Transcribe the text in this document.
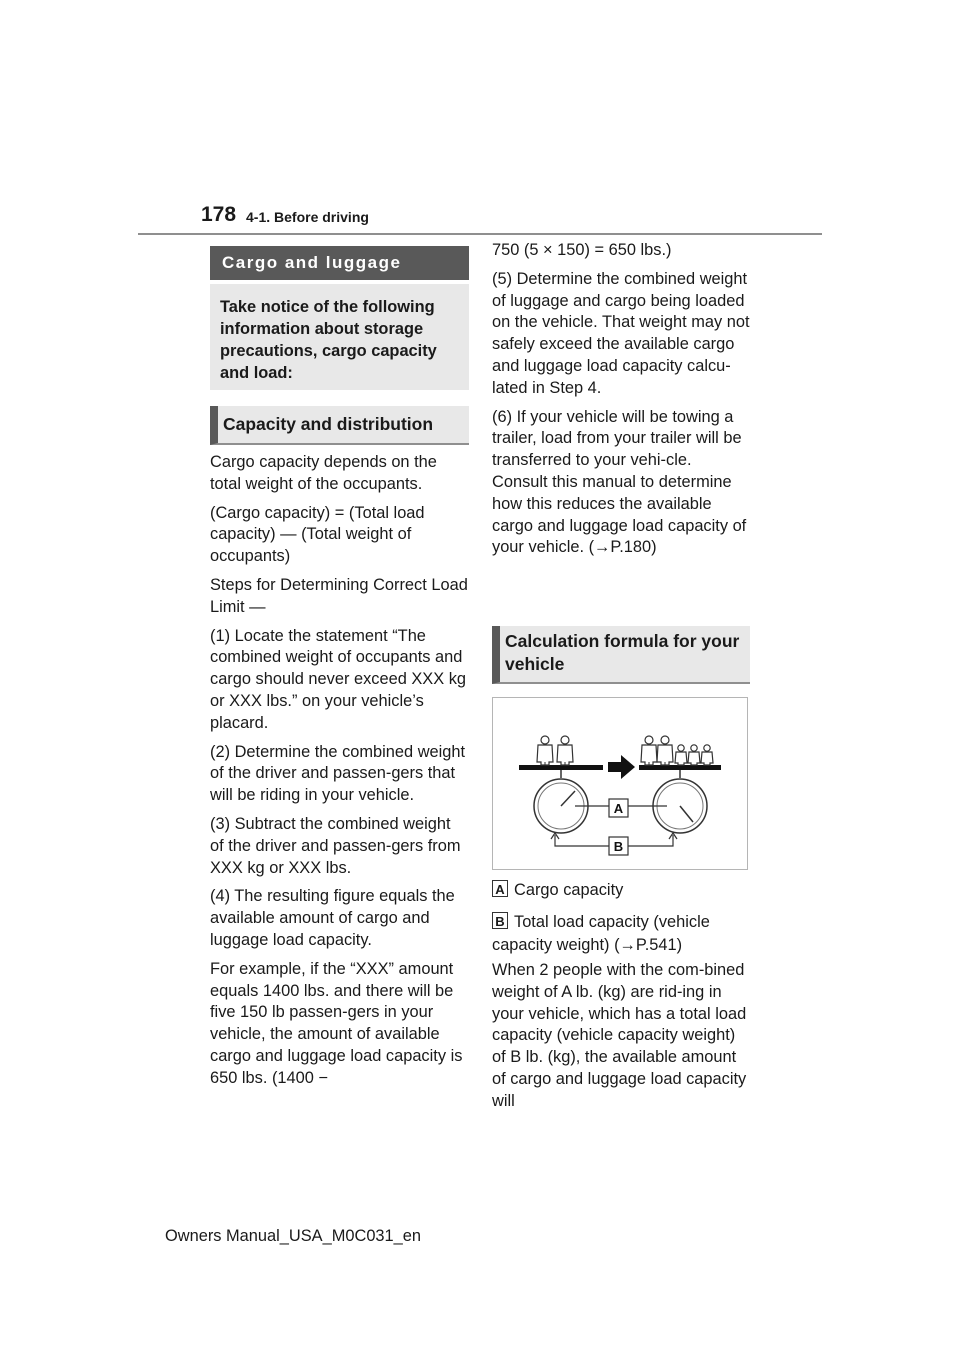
178 4-1. Before driving
Cargo and luggage
Take notice of the following information about storage precautions, cargo capacity and load:
Capacity and distribution

Cargo capacity depends on the total weight of the occupants.

(Cargo capacity) = (Total load capacity) — (Total weight of occupants)

Steps for Determining Correct Load Limit —

(1) Locate the statement “The combined weight of occupants and cargo should never exceed XXX kg or XXX lbs.” on your vehicle’s placard.

(2) Determine the combined weight of the driver and passen-gers that will be riding in your vehicle.

(3) Subtract the combined weight of the driver and passen-gers from XXX kg or XXX lbs.

(4) The resulting figure equals the available amount of cargo and luggage load capacity.

For example, if the “XXX” amount equals 1400 lbs. and there will be five 150 lb passen-gers in your vehicle, the amount of available cargo and luggage load capacity is 650 lbs. (1400 −

750 (5 × 150) = 650 lbs.)

(5) Determine the combined weight of luggage and cargo being loaded on the vehicle. That weight may not safely exceed the available cargo and luggage load capacity calcu-lated in Step 4.

(6) If your vehicle will be towing a trailer, load from your trailer will be transferred to your vehi-cle. Consult this manual to determine how this reduces the available cargo and luggage load capacity of your vehicle. (→P.180)

Calculation formula for your vehicle
A
B
A Cargo capacity
B Total load capacity (vehicle capacity weight) (→P.541)
When 2 people with the com-bined weight of A lb. (kg) are rid-ing in your vehicle, which has a total load capacity (vehicle capacity weight) of B lb. (kg), the available amount of cargo and luggage load capacity will
Owners Manual_USA_M0C031_en
